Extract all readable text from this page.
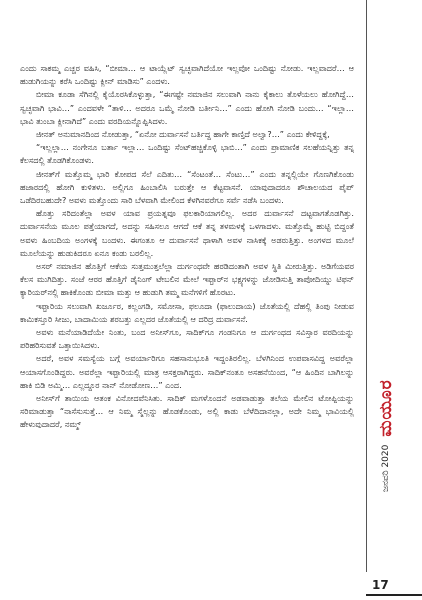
ಎಂದು ಸಾಕಮ್ಮ ಎಚ್ಚರ ವಹಿಸಿ, “ಬೀಮಾ… ಆ ಟಾಯ್ಲೆಟ್ ಸ್ವಚ್ಛವಾಗಿದೆಯೋ ಇಲ್ಲವೋ ಒಂದಿಷ್ಟು ನೋಡು. ಇಲ್ಲವಾದರೆ… ಆ ಹುಡುಗಿಯನ್ನು ಕರೆಸಿ ಒಂದಿಷ್ಟು ಕ್ಲೀನ್ ಮಾಡಿಸು” ಎಂದಳು.

ಬೀಮಾ ಕೂಡಾ ಸೆಗಿನಲ್ಲಿ ಕೈಯೊರಸಿಕೊಳ್ಳುತ್ತಾ, “ಈಗಷ್ಟೇ ನಮಾಜಿನ ಸಲುವಾಗಿ ನಾನು ಕೈಕಾಲು ತೊಳೆಯಲು ಹೋಗಿದ್ದೆ… ಸ್ವಚ್ಛವಾಗಿ ಭಾವಿ…” ಎಂದವಳೇ “ತಾಳಿ… ಅದರೂ ಒಮ್ಮೆ ನೋಡಿ ಬರ್ತೀನಿ…” ಎಂದು ಹೋಗಿ ನೋಡಿ ಬಂದು… “ಇಲ್ಲಾ… ಭಾವಿ ತುಂಬಾ ಕ್ಲೀನಾಗಿದೆ” ಎಂದು ವರದಿಯನ್ನೊಪ್ಪಿಸಿದಳು.

ಜೀನತ್ ಅನುಮಾನದಿಂದ ನೋಡುತ್ತಾ, “ಏನೋ ದುರ್ವಾಸನೆ ಬರ್ತಿದ್ದ ಹಾಗೇ ಕಾಣ್ತಿದೆ ಅಲ್ವಾ?…” ಎಂದು ಕೇಳಿದ್ದಕ್ಕೆ,

“ಇಲ್ಲಲ್ಲಾ… ನಂಗೇನೂ ಬರ್ತಾ ಇಲ್ಲಾ… ಒಂದಿಷ್ಟು ಸೆಂಟ್‌ಹಚ್ಚಿಕೊಳ್ಳಿ ಭಾಬಿ…” ಎಂದು ಪ್ರಾಮಾಣಿಕ ಸಲಹೆಯನ್ನಿತ್ತು ತನ್ನ ಕೆಲಸದಲ್ಲಿ ತೊಡಗಿಕೊಂಡಳು.

ಜೀನತ್‌ಗೆ ಮತ್ತೊಮ್ಮ ಭಾರಿ ಕೋಪದ ಸೆಲೆ ಎದಿತು… “ಸೆಂಟಂತೆ… ಸೆಂಟು…” ಎಂದು ತನ್ನಲ್ಲಿಯೇ ಗೊಣಗಿಕೊಂಡು ಹಜಾರದಲ್ಲಿ ಹೋಗಿ ಕುಳಿತಳು. ಅಲ್ಲಿಗೂ ಹಿಂಬಾಲಿಸಿ ಬರುತ್ತೇ ಆ ಕೆಟ್ಟವಾಸನೆ. ಯಾವುದಾದರೂ ಶೌಚಾಲಯದ ಪೈಪ್ ಒಡೆದಿರಬಹುದೇ? ಅವಳು ಮತ್ತೊಂದು ಸಾರಿ ಬೆಳವಾಗಿ ಮೇಲಿಂದ ಕೆಳಗಿನವರೆಗೂ ಸರ್ವೆ ನಡೆಸಿ ಬಂದಳು.

ಹೊತ್ತು ಸರಿದಂತೆಲ್ಲಾ ಅವಳ ಯಾವ ಪ್ರಯತ್ನವೂ ಫಲಕಾರಿಯಾಗಲಿಲ್ಲ. ಅದರ ದುರ್ವಾಸನೆ ದಟ್ಟವಾಗತೊಡಗಿತ್ತು. ದುರ್ವಾಸನೆಯ ಮೂಲ ಪತ್ತೆಯಾಗದೆ, ಅದನ್ನು ಸಹಿಸಲೂ ಆಗದೆ ಆಕೆ ತನ್ನ ತಳಮಳಕ್ಕೆ ಒಳಗಾದಳು. ಮತ್ತೊಮ್ಮೆ ಹುಟ್ಟಿ ಬಿದ್ದಂತೆ ಅವಳು ಹಿಂಬದಿಯ ಅಂಗಳಕ್ಕೆ ಬಂದಳು. ಈಗಂತೂ ಆ ದುರ್ವಾಸನೆ ಥಾಳಾಗಿ ಅವಳ ನಾಸಿಕಕ್ಕೆ ಅಡರುತ್ತಿತ್ತು. ಅಂಗಳದ ಮೂಲೆ ಮೂಲೆಯನ್ನು ಹುಡುಕಿದರೂ ಏನೂ ಕಂಡು ಬರಲಿಲ್ಲ.

ಅಸರ್ ನಮಾಜಿನ ಹೊತ್ತಿಗೆ ಆಕೆಯ ಸುತ್ತಮುತ್ತಲೆಲ್ಲಾ ದುರ್ಗಂಧವೇ ಹರಡಿದಂತಾಗಿ ಅವಳ ಸ್ಥಿತಿ ಮೀರುತ್ತಿತ್ತು. ಅಡಿಗೆಯವರ ಕೆಲಸ ಮುಗಿದಿತ್ತು. ಸಂಜೆ ಆರರ ಹೊತ್ತಿಗೆ ಡೈನಿಂಗ್ ಟೇಬಲಿನ ಮೇಲೆ ಇಫ್ತಾರ್‌ನ ಭಕ್ಷ್ಯಗಳನ್ನು ಜೋಡಿಸುತ್ತಿ ತಾಪೋದಿಯ್ನು ಟಿಫನ್ ಕ್ಯಾರಿಯರ್‌ನಲ್ಲಿ ಹಾಕಿಕೊಂಡು ಬೀಮಾ ಮತ್ತು ಆ ಹುಡುಗಿ ತಮ್ಮ ಮನೆಗಳಿಗೆ ಹೊರಟು.

ಇಫ್ತಾರಿಯ ಸಲುವಾಗಿ ಖರ್ಜೂರ, ಕಲ್ಲಂಗಡಿ, ಸಮೋಸಾ, ಫಲೂದಾ (ಫಾಲುದಾಯ) ಜೊತೆಯಲ್ಲಿ ದೆಹಲ್ಲಿ ತಿಂಪು ನೀಡುವ ಕಾಮಿಕಸ್ತೂರಿ ಸೀಜು, ಬಾದಾಮಿಯ ಶರಬತ್ತು ಎಲ್ಲದರ ಜೊತೆಯಲ್ಲಿ ಆ ದರಿದ್ರ ದುರ್ವಾಸನೆ.

ಅವಳು ಮನೆಯಾಡಿದೆಯೇ ನಿಂತು, ಬಂದ ಅನೀಸ್‌ಗೂ, ಸಾದಿಕ್‌ಗೂ ಗಂಡನಿಗೂ ಆ ದುರ್ಗಂಧದ ಸವಿಸ್ತಾರ ವರದಿಯನ್ನು ಪರಿಹರಿಸುವತೆ ಒತ್ತಾಯಿಸಿದಳು.

ಅದರೆ, ಅವಳ ಸಮಸ್ಯೆಯ ಬಗ್ಗೆ ಅವರ್ಯಾರಿಗೂ ಸಹಸಾನುಭೂತಿ ಇದ್ದಂತಿರಲಿಲ್ಲ. ಬೆಳಗಿನಿಂದ ಉಪವಾಸವಿದ್ದ ಅವರೆಲ್ಲಾ ಆಯಾಸಗೊಂಡಿದ್ದರು. ಅವರೆಲ್ಲಾ ಇಫ್ತಾರಿಯಲ್ಲಿ ಮಾತ್ರ ಆಸಕ್ತರಾಗಿದ್ದರು. ಸಾದಿಕ್‌ನಂತೂ ಅಸಹನೆಯಿಂದ, “ಆ ಹಿಂದಿನ ಬಾಗಿಲನ್ನು ಹಾಕಿ ಬಿಡಿ ಅಮ್ಮಿ… ಎಲ್ಲದ್ದೂರ ನಾನ್ ನೋಡೋಣ…” ಎಂದ.

ಅನೀಸ್‌ಗೆ ತಾಯಿಯ ಆತಂಕ ವಿನೋದವೆನಿಸಿತು. ಸಾದಿಕ್ ಮಗಳೊಂದನೆ ಅಡವಾಡುತ್ತಾ ತಲೆಯ ಮೇಲಿನ ಟೋಪ್ಪಿಯನ್ನು ಸರಿಮಾಡುತ್ತಾ “ನಾಸೆಸುಸುತ್ತೆ… ಆ ನಿಮ್ಮ ಸ್ಮೆಲ್ಲನ್ನು ಹೊಡಕೊಂಡು, ಅಲ್ಲಿ ಕಾಡು ಬೆಳೆದಿದಾನಲ್ಲಾ, ಅದೇ ನಿಮ್ಮ ಭಾವಿಯಲ್ಲಿ ಹೇಳುವುದಾದರೆ, ನಮ್ಮ್

ಜನವರಿ 2020
ಮಯೂರ
17
